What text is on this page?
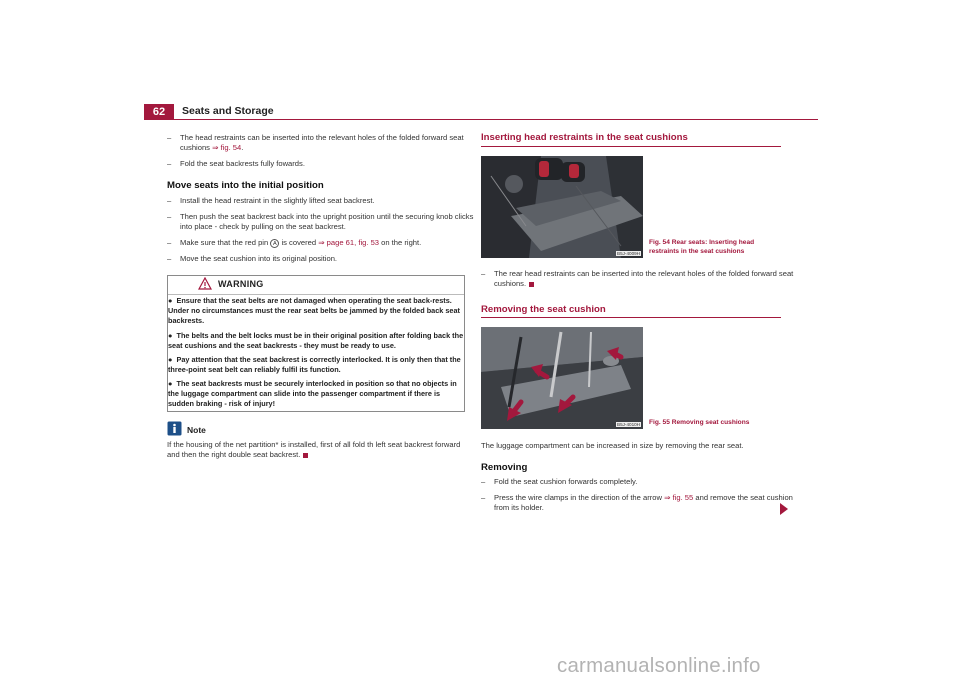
62	Seats and Storage
– The head restraints can be inserted into the relevant holes of the folded forward seat cushions ⇒ fig. 54.
– Fold the seat backrests fully fowards.
Move seats into the initial position
– Install the head restraint in the slightly lifted seat backrest.
– Then push the seat backrest back into the upright position until the securing knob clicks into place - check by pulling on the seat backrest.
– Make sure that the red pin A is covered ⇒ page 61, fig. 53 on the right.
– Move the seat cushion into its original position.
WARNING
● Ensure that the seat belts are not damaged when operating the seat back-rests. Under no circumstances must the rear seat belts be jammed by the folded back seat backrests.
● The belts and the belt locks must be in their original position after folding back the seat cushions and the seat backrests - they must be ready to use.
● Pay attention that the seat backrest is correctly interlocked. It is only then that the three-point seat belt can reliably fulfil its function.
● The seat backrests must be securely interlocked in position so that no objects in the luggage compartment can slide into the passenger compartment if there is sudden braking - risk of injury!
Note
If the housing of the net partition* is installed, first of all fold th left seat backrest forward and then the right double seat backrest.
Inserting head restraints in the seat cushions
B5J-4009H
Fig. 54 Rear seats: Inserting head restraints in the seat cushions
– The rear head restraints can be inserted into the relevant holes of the folded forward seat cushions.
Removing the seat cushion
B5J-4010H Fig. 55 Removing seat cushions
The luggage compartment can be increased in size by removing the rear seat.
Removing
– Fold the seat cushion forwards completely.
– Press the wire clamps in the direction of the arrow ⇒ fig. 55 and remove the seat cushion from its holder.
carmanualsonline.info
